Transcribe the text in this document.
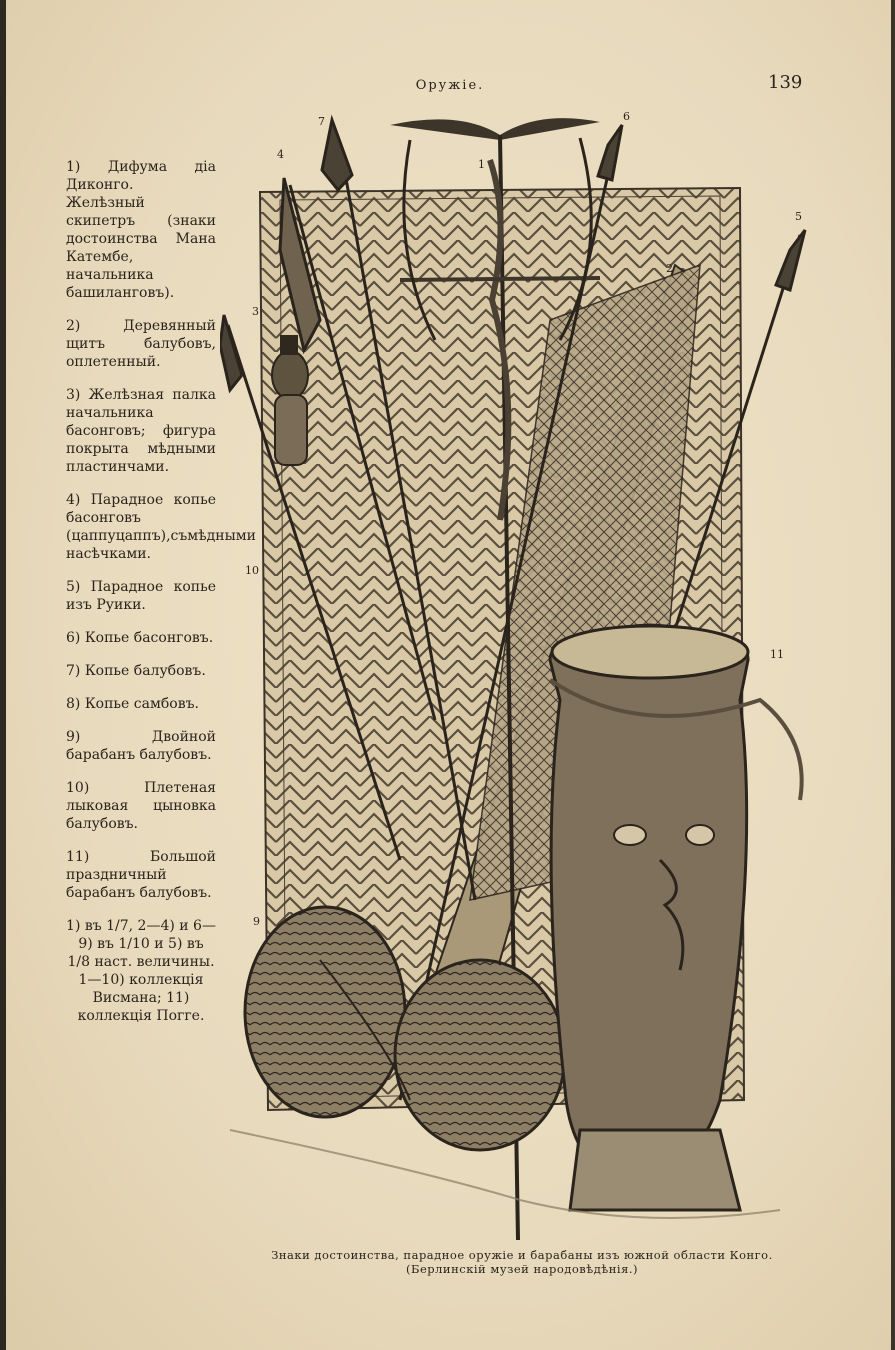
Оружіе.	139
1) Дифума діа Диконго. Желѣзный скипетръ (знаки достоинства Мана Катембе, начальника башиланговъ).
2) Деревянный щитъ балубовъ, оплетенный.
3) Желѣзная палка начальника басонговъ; фигура покрыта мѣдными пластинчами.
4) Парадное копье басонговъ (цаппуцаппъ),съмѣдными насѣчками.
5) Парадное копье изъ Руики.
6) Копье басонговъ.
7) Копье балубовъ.
8) Копье самбовъ.
9) Двойной барабанъ балубовъ.
10) Плетеная лыковая цыновка балубовъ.
11) Большой праздничный барабанъ балубовъ.
1) въ 1/7, 2—4) и 6—9) въ 1/10 и 5) въ 1/8 наст. величины. 1—10) коллекція Висмана; 11) коллекція Погге.
1
2
3
4
5
6
7
9
10
11
Знаки достоинства, парадное оружіе и барабаны изъ южной области Конго. (Берлинскій музей народовѣдѣнія.)
